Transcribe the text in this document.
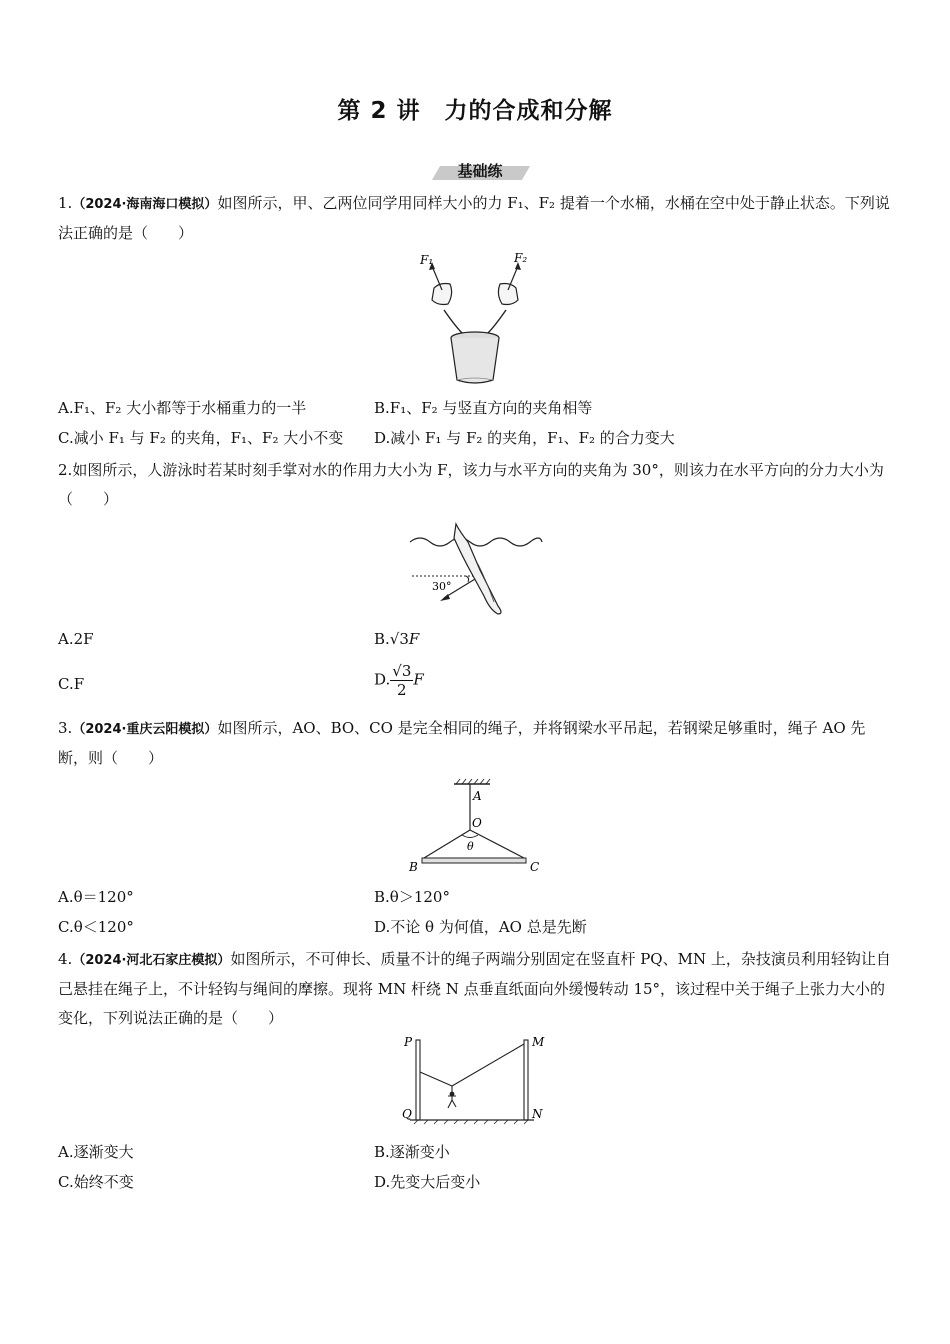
第 2 讲　力的合成和分解
基础练
1.（2024·海南海口模拟）如图所示，甲、乙两位同学用同样大小的力 F₁、F₂ 提着一个水桶，水桶在空中处于静止状态。下列说法正确的是（　　）
F₁	F₂
A.F₁、F₂ 大小都等于水桶重力的一半	B.F₁、F₂ 与竖直方向的夹角相等
C.减小 F₁ 与 F₂ 的夹角，F₁、F₂ 大小不变 D.减小 F₁ 与 F₂ 的夹角，F₁、F₂ 的合力变大
2.如图所示，人游泳时若某时刻手掌对水的作用力大小为 F，该力与水平方向的夹角为 30°，则该力在水平方向的分力大小为（　　）
30°
A.2F	B.√3F
C.F	D. $\frac{√3}{2}$ F
3.（2024·重庆云阳模拟）如图所示，AO、BO、CO 是完全相同的绳子，并将钢梁水平吊起，若钢梁足够重时，绳子 AO 先断，则（　　）
A
O
θ
B	C
A.θ＝120°	B.θ＞120°
C.θ＜120°	D.不论 θ 为何值，AO 总是先断
4.（2024·河北石家庄模拟）如图所示，不可伸长、质量不计的绳子两端分别固定在竖直杆 PQ、MN 上，杂技演员利用轻钩让自己悬挂在绳子上，不计轻钩与绳间的摩擦。现将 MN 杆绕 N 点垂直纸面向外缓慢转动 15°，该过程中关于绳子上张力大小的变化，下列说法正确的是（　　）
P	M
Q	N
A.逐渐变大	B.逐渐变小
C.始终不变	D.先变大后变小
